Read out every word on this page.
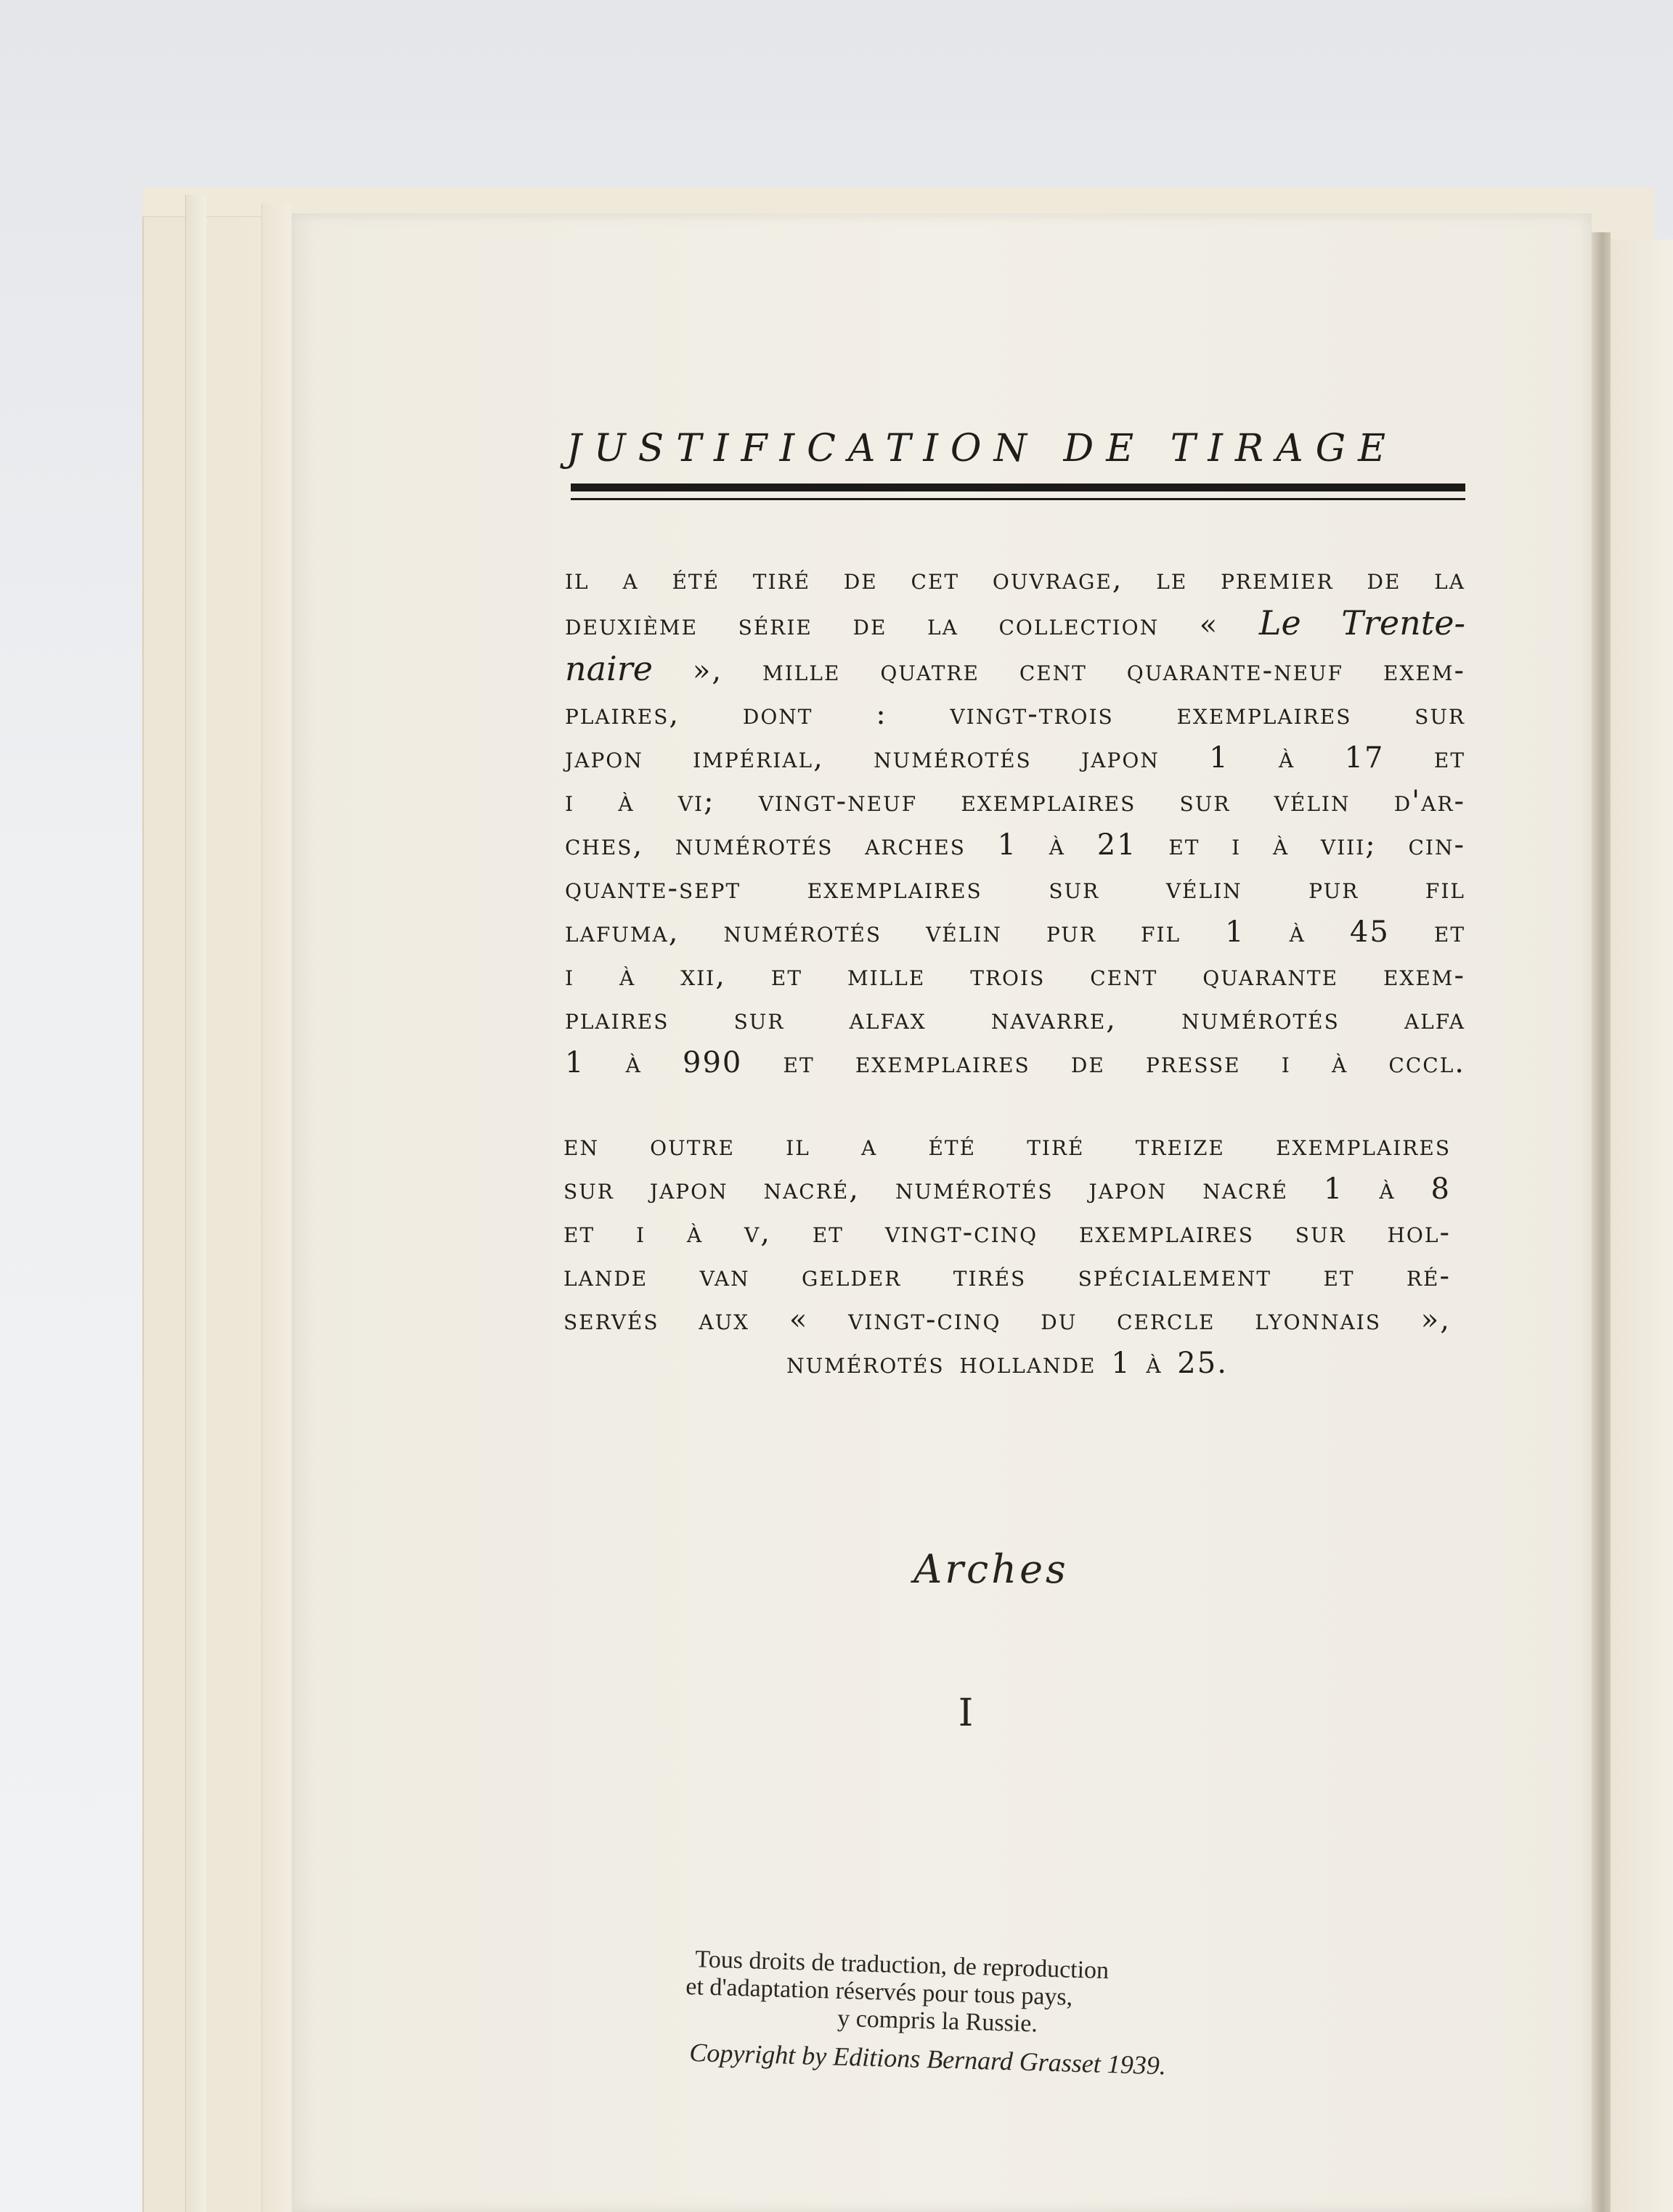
JUSTIFICATION DE TIRAGE
il a été tiré de cet ouvrage, le premier de la
deuxième série de la collection « Le Trente-
naire », mille quatre cent quarante-neuf exem-
plaires, dont : vingt-trois exemplaires sur
japon impérial, numérotés japon 1 à 17 et
i à vi; vingt-neuf exemplaires sur vélin d'ar-
ches, numérotés arches 1 à 21 et i à viii; cin-
quante-sept exemplaires sur vélin pur fil
lafuma, numérotés vélin pur fil 1 à 45 et
i à xii, et mille trois cent quarante exem-
plaires sur alfax navarre, numérotés alfa
1 à 990 et exemplaires de presse i à cccl.
en outre il a été tiré treize exemplaires
sur japon nacré, numérotés japon nacré 1 à 8
et i à v, et vingt-cinq exemplaires sur hol-
lande van gelder tirés spécialement et ré-
servés aux « vingt-cinq du cercle lyonnais »,
numérotés hollande 1 à 25.
Arches
I
Tous droits de traduction, de reproduction
et d'adaptation réservés pour tous pays,
y compris la Russie.
Copyright by Editions Bernard Grasset 1939.
